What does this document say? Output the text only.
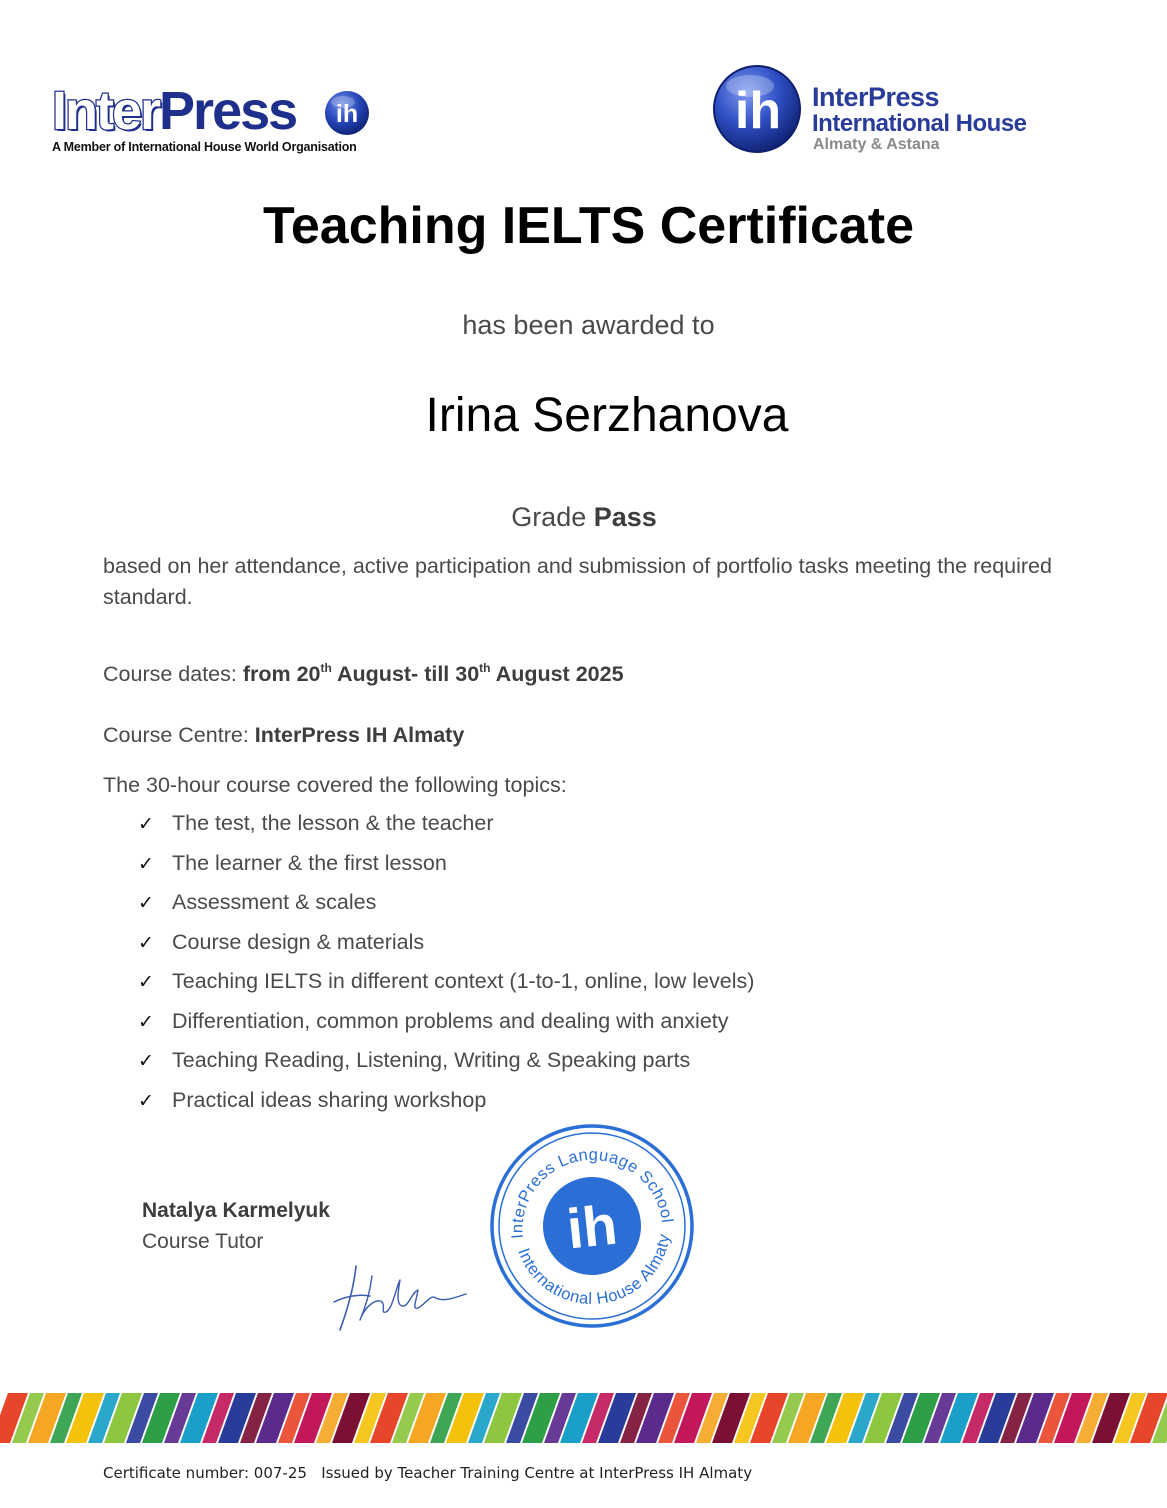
InterPress ih
A Member of International House World Organisation
ih InterPress
International House
Almaty & Astana
Teaching IELTS Certificate
has been awarded to
Irina Serzhanova
Grade Pass
based on her attendance, active participation and submission of portfolio tasks meeting the required standard.
Course dates: from 20th August- till 30th August 2025
Course Centre: InterPress IH Almaty
The 30-hour course covered the following topics:
✓ The test, the lesson & the teacher
✓ The learner & the first lesson
✓ Assessment & scales
✓ Course design & materials
✓ Teaching IELTS in different context (1-to-1, online, low levels)
✓ Differentiation, common problems and dealing with anxiety
✓ Teaching Reading, Listening, Writing & Speaking parts
✓ Practical ideas sharing workshop
Natalya Karmelyuk
Course Tutor	ih
InterPress Language School
International House Almaty
Certificate number: 007-25 Issued by Teacher Training Centre at InterPress IH Almaty
